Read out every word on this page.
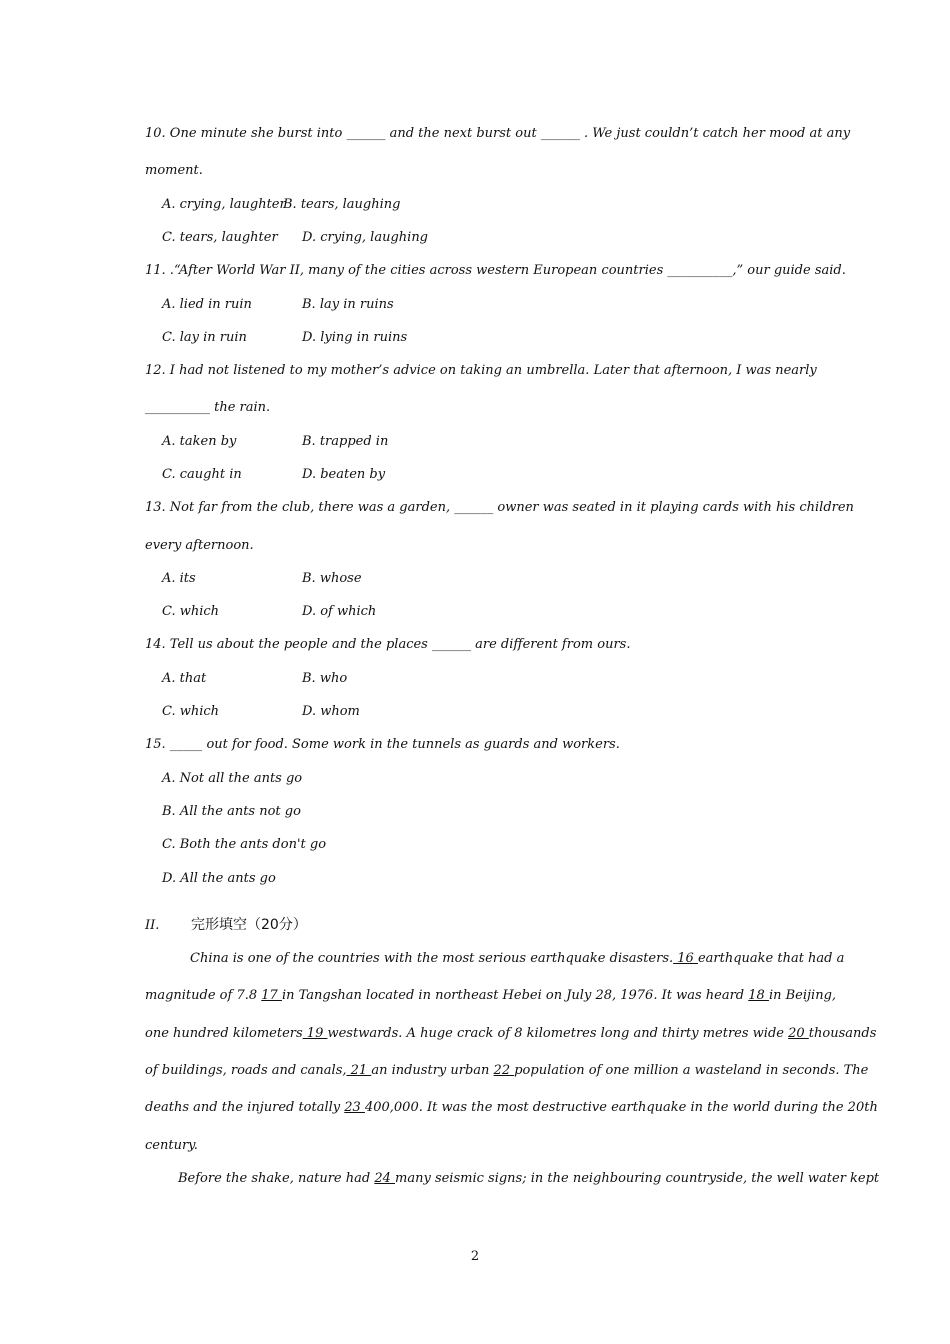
10. One minute she burst into ______ and the next burst out ______ . We just couldn’t catch her mood at any
moment.
A. crying, laughter
B. tears, laughing
C. tears, laughter D. crying, laughing
11. .“After World War II, many of the cities across western European countries __________,” our guide said.
A. lied in ruin	B. lay in ruins
C. lay in ruin	D. lying in ruins
12. I had not listened to my mother’s advice on taking an umbrella. Later that afternoon, I was nearly
__________ the rain.
A. taken by	B. trapped in
C. caught in	D. beaten by
13. Not far from the club, there was a garden, ______ owner was seated in it playing cards with his children
every afternoon.
A. its	B. whose
C. which	D. of which
14. Tell us about the people and the places ______ are different from ours.
A. that	B. who
C. which	D. whom
15. _____ out for food. Some work in the tunnels as guards and workers.
A. Not all the ants go
B. All the ants not go
C. Both the ants don't go
D. All the ants go
II. 完形填空（20分）
China is one of the countries with the most serious earthquake disasters. 16 earthquake that had a
magnitude of 7.8 17 in Tangshan located in northeast Hebei on July 28, 1976. It was heard 18 in Beijing,
one hundred kilometers 19 westwards. A huge crack of 8 kilometres long and thirty metres wide 20 thousands
of buildings, roads and canals, 21 an industry urban 22 population of one million a wasteland in seconds. The
deaths and the injured totally 23 400,000. It was the most destructive earthquake in the world during the 20th
century.
Before the shake, nature had 24 many seismic signs; in the neighbouring countryside, the well water kept
2
